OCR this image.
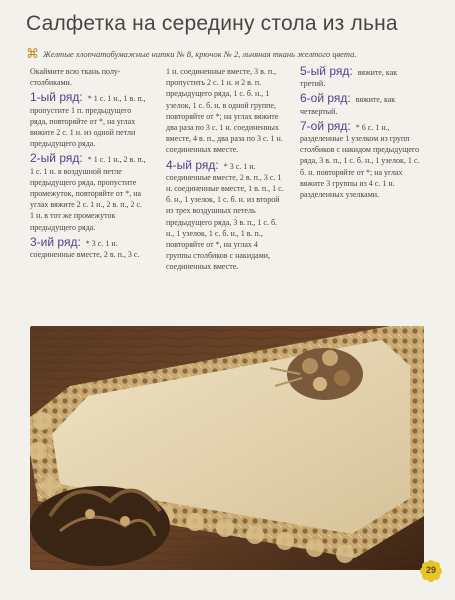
Салфетка на середину стола из льна
⌘ Желтые хлопчатобумажные нитки № 8, крючок № 2, льняная ткань желтого цвета.

Окаймите всю ткань полу-столбиками.

1-ый ряд: * 1 с. 1 н., 1 в. п., пропустите 1 п. предыдущего ряда, повторяйте от *, на углах вяжите 2 с. 1 н. из одной петли предыдущего ряда.

2-ый ряд: * 1 с. 1 н., 2 в. п., 1 с. 1 н. в воздушной петле предыдущего ряда, пропустите промежуток, повторяйте от *, на углах вяжите 2 с. 1 н., 2 в. п., 2 с. 1 н. в тот же промежуток предыдущего ряда.

3-ий ряд: * 3 с. 1 н. соединенные вместе, 2 в. п., 3 с.

1 н. соединенные вместе, 3 в. п., пропустить 2 с. 1 н. и 2 в. п. предыдущего ряда, 1 с. б. н., 1 узелок, 1 с. б. н. в одной группе, повторяйте от *; на углах вяжите два раза по 3 с. 1 н. соединенных вместе, 4 в. п., два раза по 3 с. 1 н. соединенных вместе.

4-ый ряд: * 3 с. 1 н. соединенные вместе, 2 в. п., 3 с. 1 н. соединенные вместе, 1 в. п., 1 с. б. н., 1 узелок, 1 с. б. н. из второй из трех воздушных петель предыдущего ряда, 3 в. п., 1 с. б. н., 1 узелок, 1 с. б. н., 1 в. п., повторяйте от *, на углах 4 группы столбиков с накидами, соединенных вместе.

5-ый ряд: вяжите, как третий.

6-ой ряд: вяжите, как четвертый.

7-ой ряд: * 6 с. 1 н., разделенные 1 узелком из групп столбиков с накидом предыдущего ряда, 3 в. п., 1 с. б. н., 1 узелок, 1 с. б. н. повторяйте от *; на углах вяжите 3 группы из 4 с. 1 н. разделенных узелками.

29
